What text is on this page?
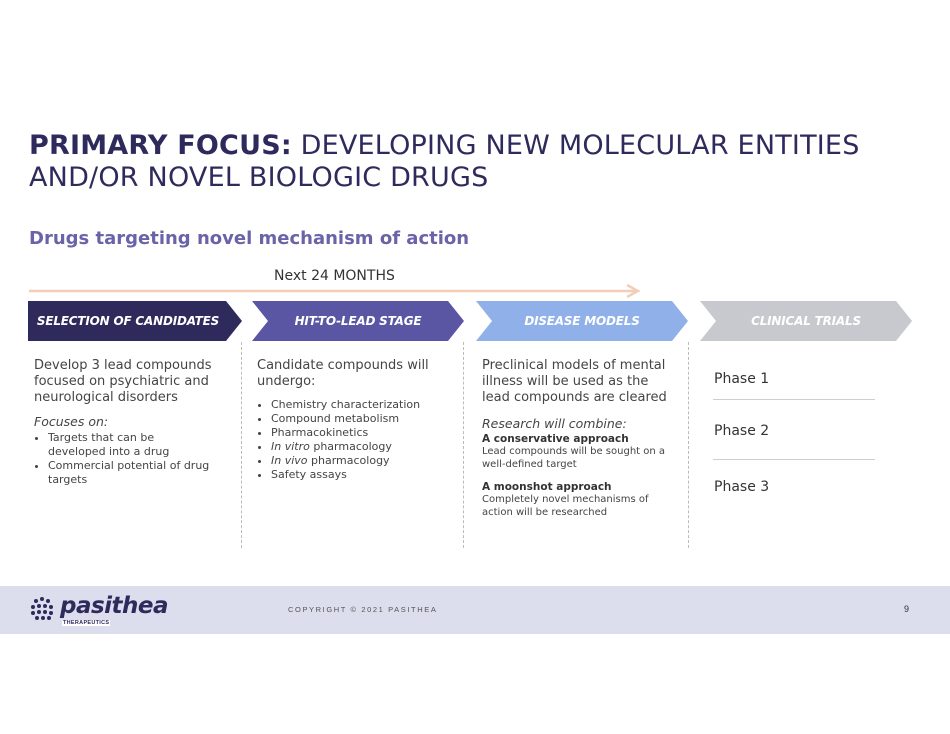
PRIMARY FOCUS: DEVELOPING NEW MOLECULAR ENTITIES AND/OR NOVEL BIOLOGIC DRUGS
Drugs targeting novel mechanism of action
Next 24 MONTHS
SELECTION OF CANDIDATES	HIT-TO-LEAD STAGE	DISEASE MODELS	CLINICAL TRIALS
Develop 3 lead compounds focused on psychiatric and neurological disorders
Focuses on:
• Targets that can be developed into a drug
• Commercial potential of drug targets
Candidate compounds will undergo:
• Chemistry characterization
• Compound metabolism
• Pharmacokinetics
• In vitro pharmacology
• In vivo pharmacology
• Safety assays
Preclinical models of mental illness will be used as the lead compounds are cleared
Research will combine:
A conservative approach
Lead compounds will be sought on a well-defined target
A moonshot approach
Completely novel mechanisms of action will be researched
Phase 1
Phase 2
Phase 3
pasithea
THERAPEUTICS
COPYRIGHT © 2021 PASITHEA	9
